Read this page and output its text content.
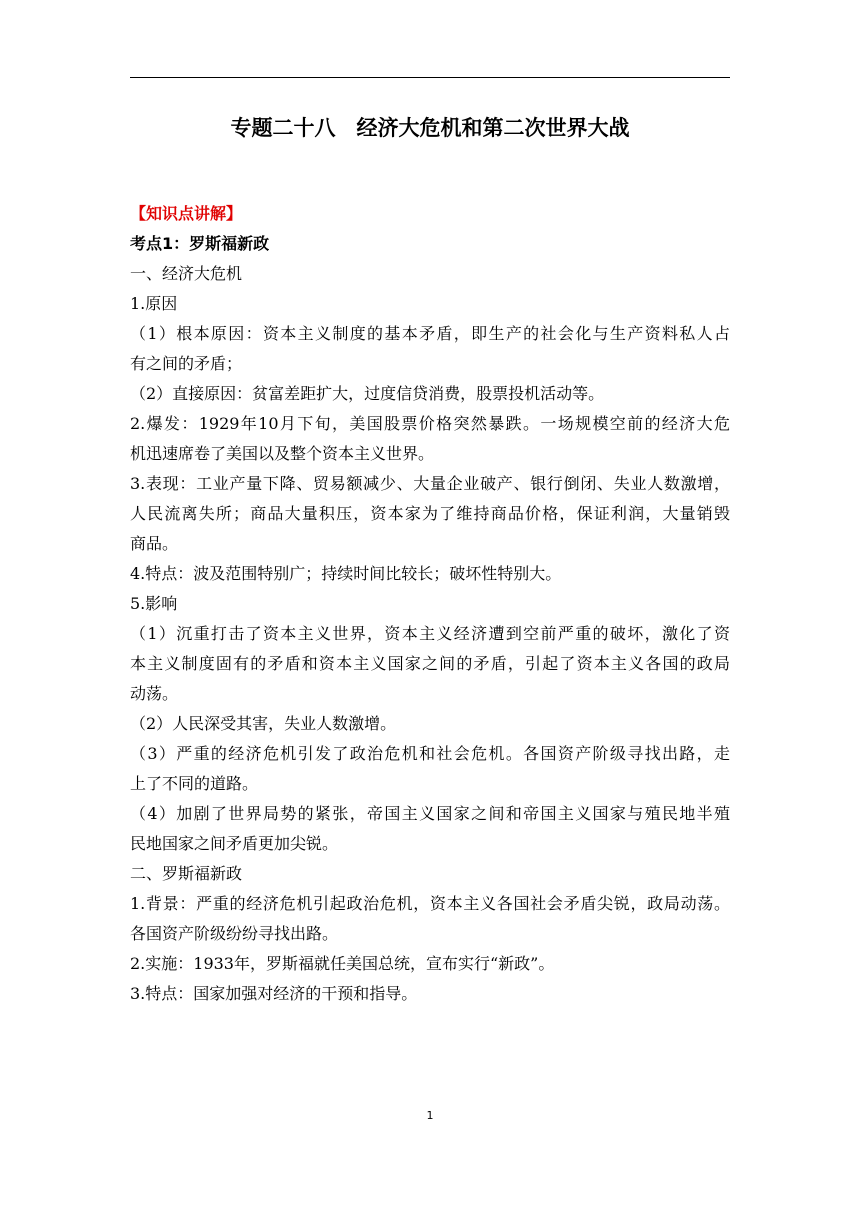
专题二十八　经济大危机和第二次世界大战
【知识点讲解】
考点1：罗斯福新政
一、经济大危机
1.原因
（1）根本原因：资本主义制度的基本矛盾，即生产的社会化与生产资料私人占
有之间的矛盾；
（2）直接原因：贫富差距扩大，过度信贷消费，股票投机活动等。
2.爆发：1929年10月下旬，美国股票价格突然暴跌。一场规模空前的经济大危
机迅速席卷了美国以及整个资本主义世界。
3.表现：工业产量下降、贸易额减少、大量企业破产、银行倒闭、失业人数激增，
人民流离失所；商品大量积压，资本家为了维持商品价格，保证利润，大量销毁
商品。
4.特点：波及范围特别广；持续时间比较长；破坏性特别大。
5.影响
（1）沉重打击了资本主义世界，资本主义经济遭到空前严重的破坏，激化了资
本主义制度固有的矛盾和资本主义国家之间的矛盾，引起了资本主义各国的政局
动荡。
（2）人民深受其害，失业人数激增。
（3）严重的经济危机引发了政治危机和社会危机。各国资产阶级寻找出路，走
上了不同的道路。
（4）加剧了世界局势的紧张，帝国主义国家之间和帝国主义国家与殖民地半殖
民地国家之间矛盾更加尖锐。
二、罗斯福新政
1.背景：严重的经济危机引起政治危机，资本主义各国社会矛盾尖锐，政局动荡。
各国资产阶级纷纷寻找出路。
2.实施：1933年，罗斯福就任美国总统，宣布实行“新政”。
3.特点：国家加强对经济的干预和指导。
1
